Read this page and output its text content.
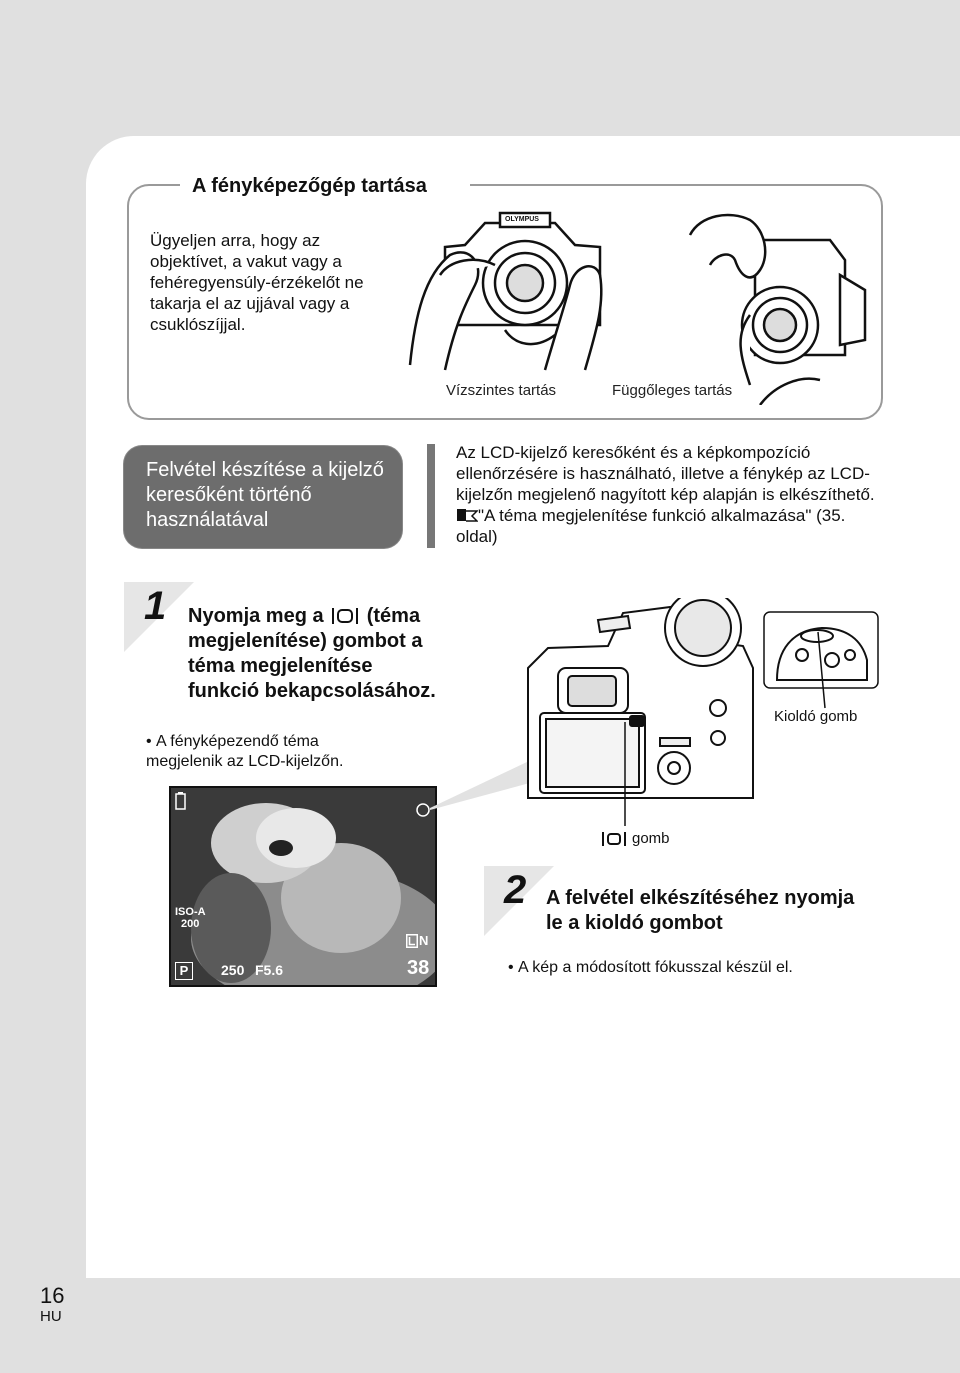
A fényképezőgép tartása
Ügyeljen arra, hogy az objektívet, a vakut vagy a fehéregyensúly-érzékelőt ne takarja el az ujjával vagy a csuklószíjjal.
OLYMPUS
Vízszintes tartás	Függőleges tartás
Felvétel készítése a kijelző keresőként történő használatával
Az LCD-kijelző keresőként és a képkompozíció ellenőrzésére is használható, illetve a fénykép az LCD-kijelzőn megjelenő nagyított kép alapján is elkészíthető.
"A téma megjelenítése funkció alkalmazása" (35. oldal)
1 Nyomja meg a (téma megjelenítése) gombot a téma megjelenítése funkció bekapcsolásához.
• A fényképezendő téma megjelenik az LCD-kijelzőn.
ISO-A
200
P	250 F5.6
N
38
Kioldó gomb
gomb
2 A felvétel elkészítéséhez nyomja le a kioldó gombot
• A kép a módosított fókusszal készül el.
16
HU
